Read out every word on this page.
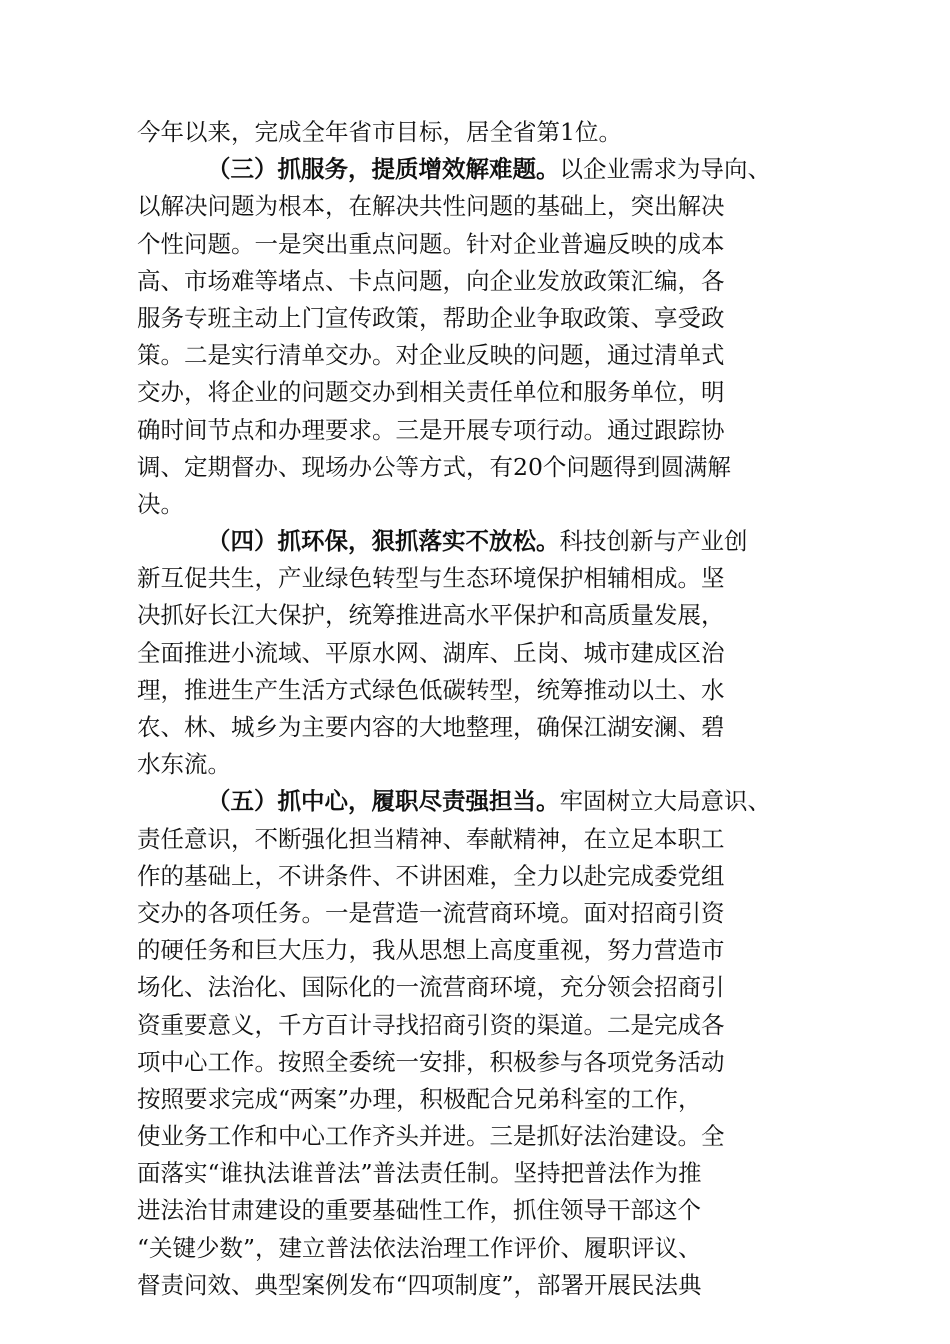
今年以来，完成全年省市目标，居全省第1位。
（三）抓服务，提质增效解难题。以企业需求为导向、
以解决问题为根本，在解决共性问题的基础上，突出解决
个性问题。一是突出重点问题。针对企业普遍反映的成本
高、市场难等堵点、卡点问题，向企业发放政策汇编，各
服务专班主动上门宣传政策，帮助企业争取政策、享受政
策。二是实行清单交办。对企业反映的问题，通过清单式
交办，将企业的问题交办到相关责任单位和服务单位，明
确时间节点和办理要求。三是开展专项行动。通过跟踪协
调、定期督办、现场办公等方式，有20个问题得到圆满解
决。
（四）抓环保，狠抓落实不放松。科技创新与产业创
新互促共生，产业绿色转型与生态环境保护相辅相成。坚
决抓好长江大保护，统筹推进高水平保护和高质量发展，
全面推进小流域、平原水网、湖库、丘岗、城市建成区治
理，推进生产生活方式绿色低碳转型，统筹推动以土、水
农、林、城乡为主要内容的大地整理，确保江湖安澜、碧
水东流。
（五）抓中心，履职尽责强担当。牢固树立大局意识、
责任意识，不断强化担当精神、奉献精神，在立足本职工
作的基础上，不讲条件、不讲困难，全力以赴完成委党组
交办的各项任务。一是营造一流营商环境。面对招商引资
的硬任务和巨大压力，我从思想上高度重视，努力营造市
场化、法治化、国际化的一流营商环境，充分领会招商引
资重要意义，千方百计寻找招商引资的渠道。二是完成各
项中心工作。按照全委统一安排，积极参与各项党务活动
按照要求完成“两案”办理，积极配合兄弟科室的工作，
使业务工作和中心工作齐头并进。三是抓好法治建设。全
面落实“谁执法谁普法”普法责任制。坚持把普法作为推
进法治甘肃建设的重要基础性工作，抓住领导干部这个
“关键少数”，建立普法依法治理工作评价、履职评议、
督责问效、典型案例发布“四项制度”，部署开展民法典
